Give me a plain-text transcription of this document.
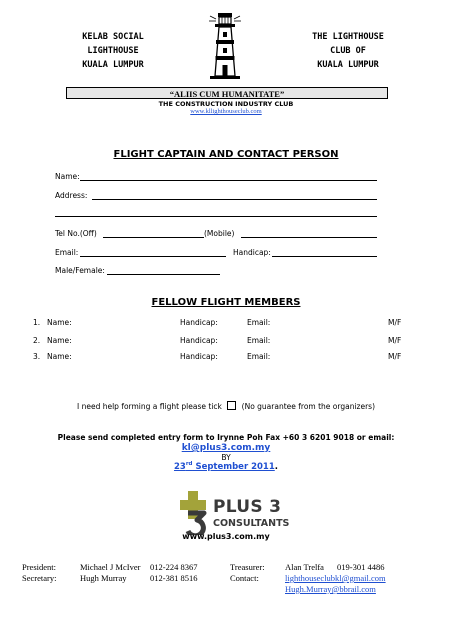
KELAB SOCIAL
LIGHTHOUSE
KUALA LUMPUR
THE LIGHTHOUSE
CLUB OF
KUALA LUMPUR
“ALIIS CUM HUMANITATE”
THE CONSTRUCTION INDUSTRY CLUB
www.kllighthouseclub.com
FLIGHT CAPTAIN AND CONTACT PERSON
Name:
Address:
Tel No.(Off)	(Mobile)
Email:	Handicap:
Male/Female:
FELLOW FLIGHT MEMBERS
1. Name:	Handicap:	Email:	M/F
2. Name:	Handicap:	Email:	M/F
3. Name:	Handicap:	Email:	M/F
I need help forming a flight please tick	(No guarantee from the organizers)
Please send completed entry form to Irynne Poh Fax +60 3 6201 9018 or email:
kl@plus3.com.my
BY
23rd September 2011.
PLUS 3
CONSULTANTS
www.plus3.com.my
President:	Michael J McIver 012-224 8367	Treasurer: Alan Trelfa 019-301 4486
Secretary:	Hugh Murray	012-381 8516	Contact:	lighthouseclubkl@gmail.com
Hugh.Murray@bbrail.com
